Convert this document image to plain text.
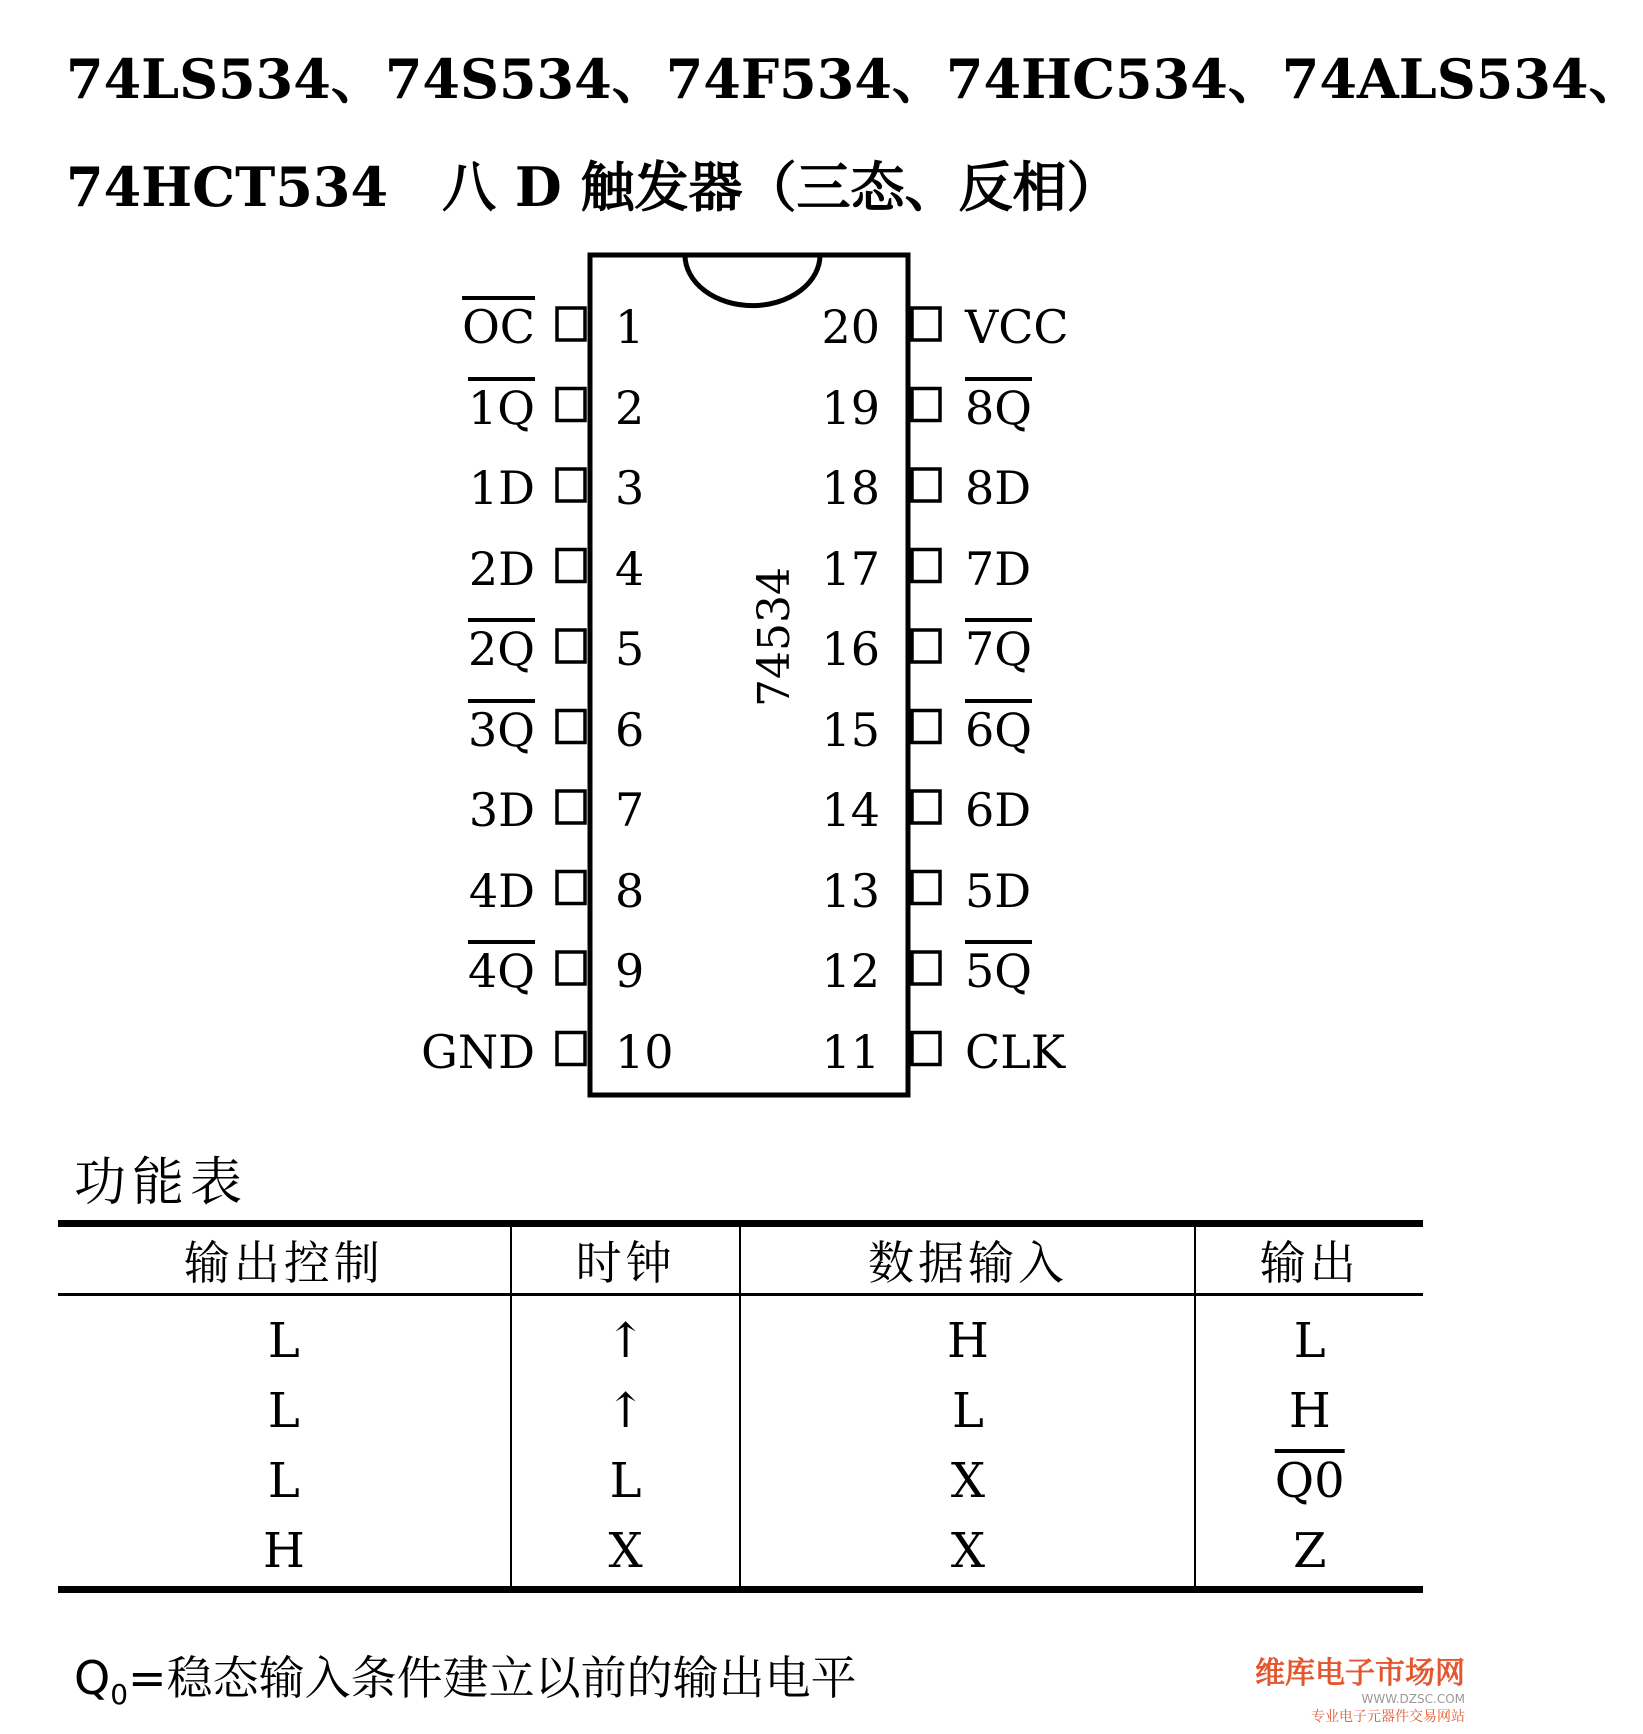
74LS534、74S534、74F534、74HC534、74ALS534、
74HCT534　八 D 触发器（三态、反相）
$\overline{OC}$ 1
1Q 2
1D 3
2D 4
2Q 5
3Q 6
3D 7
4D 8
4Q 9
GND 10
VCC
20
8Q
19
8D
18
7D
17
7Q
16
6Q
15
6D
14
5D
13
5Q
12
CLK
11
74534
功能表
输出控制	时钟	数据输入	输出
L	↑	H	L
L	↑	L	H
L	L	X	Q0
H	X	X	Z
$Q_0=$稳态输入条件建立以前的输出电平	维库电子市场网
WWW.DZSC.COM
专业电子元器件交易网站
